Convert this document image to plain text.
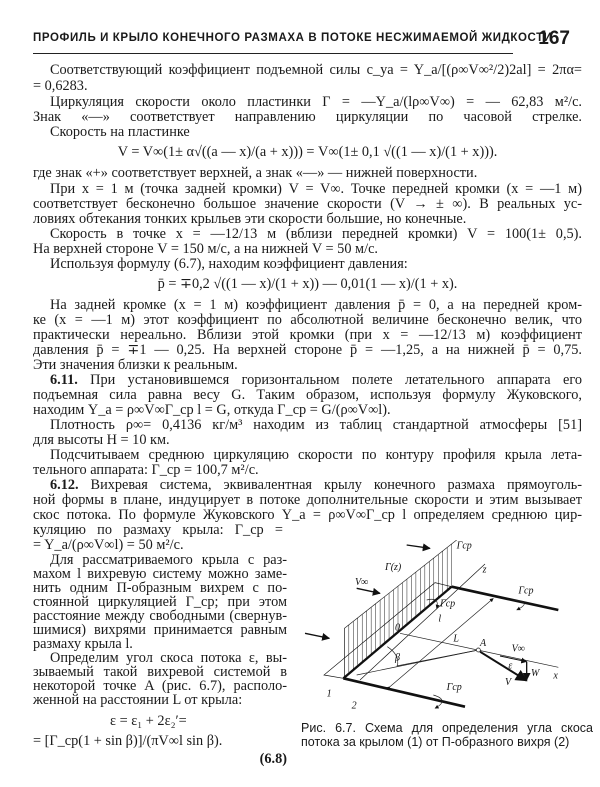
ПРОФИЛЬ И КРЫЛО КОНЕЧНОГО РАЗМАХА В ПОТОКЕ НЕСЖИМАЕМОЙ ЖИДКОСТИ
167
Соответствующий коэффициент подъемной силы c_ya = Y_a/[(ρ∞V∞²/2)2al] = 2πα=
= 0,6283.
Циркуляция скорости около пластинки Γ = —Y_a/(lρ∞V∞) = — 62,83 м²/с.
Знак «—» соответствует направлению циркуляции по часовой стрелке.
Скорость на пластинке
V = V∞(1± α√((a — x)/(a + x))) = V∞(1± 0,1 √((1 — x)/(1 + x))).
где знак «+» соответствует верхней, а знак «—» — нижней поверхности.
При x = 1 м (точка задней кромки) V = V∞. Точке передней кромки (x = —1 м)
соответствует бесконечно большое значение скорости (V → ± ∞). В реальных ус-
ловиях обтекания тонких крыльев эти скорости большие, но конечные.
Скорость в точке x = —12/13 м (вблизи передней кромки) V = 100(1± 0,5).
На верхней стороне V = 150 м/с, а на нижней V = 50 м/с.
Используя формулу (6.7), находим коэффициент давления:
p̄ = ∓0,2 √((1 — x)/(1 + x)) — 0,01(1 — x)/(1 + x).
На задней кромке (x = 1 м) коэффициент давления p̄ = 0, а на передней кром-
ке (x = —1 м) этот коэффициент по абсолютной величине бесконечно велик, что
практически нереально. Вблизи этой кромки (при x = —12/13 м) коэффициент
давления p̄ = ∓1 — 0,25. На верхней стороне p̄ = —1,25, а на нижней p̄ = 0,75.
Эти значения близки к реальным.
6.11. При установившемся горизонтальном полете летательного аппарата его
подъемная сила равна весу G. Таким образом, используя формулу Жуковского,
находим Y_a = ρ∞V∞Γ_ср l = G, откуда Γ_ср = G/(ρ∞V∞l).
Плотность ρ∞= 0,4136 кг/м³ находим из таблиц стандартной атмосферы [51]
для высоты H = 10 км.
Подсчитываем среднюю циркуляцию скорости по контуру профиля крыла лета-
тельного аппарата: Γ_ср = 100,7 м²/с.
6.12. Вихревая система, эквивалентная крылу конечного размаха прямоуголь-
ной формы в плане, индуцирует в потоке дополнительные скорости и этим вызывает
скос потока. По формуле Жуковского Y_a = ρ∞V∞Γ_ср l определяем среднюю цир-
куляцию по размаху крыла: Γ_ср =
= Y_a/(ρ∞V∞l) = 50 м²/с.
Для рассматриваемого крыла с раз-
махом l вихревую систему можно заме-
нить одним П-образным вихрем с по-
стоянной циркуляцией Γ_ср; при этом
расстояние между свободными (свернув-
шимися) вихрями принимается равным
размаху крыла l.
Определим угол скоса потока ε, вы-
зываемый такой вихревой системой в
некоторой точке A (рис. 6.7), располо-
женной на расстоянии L от крыла:
ε = ε₁ + 2ε₂′=
= [Γ_ср(1 + sin β)]/(πV∞l sin β).
(6.8)
Γ(z)
Γср
Γср
Γср
Γср
V∞
V∞
z
x
0
L
l
A
β
ε
V
W
1
2
Рис. 6.7. Схема для определения угла скоса
потока за крылом (1) от П-образного вихря (2)
